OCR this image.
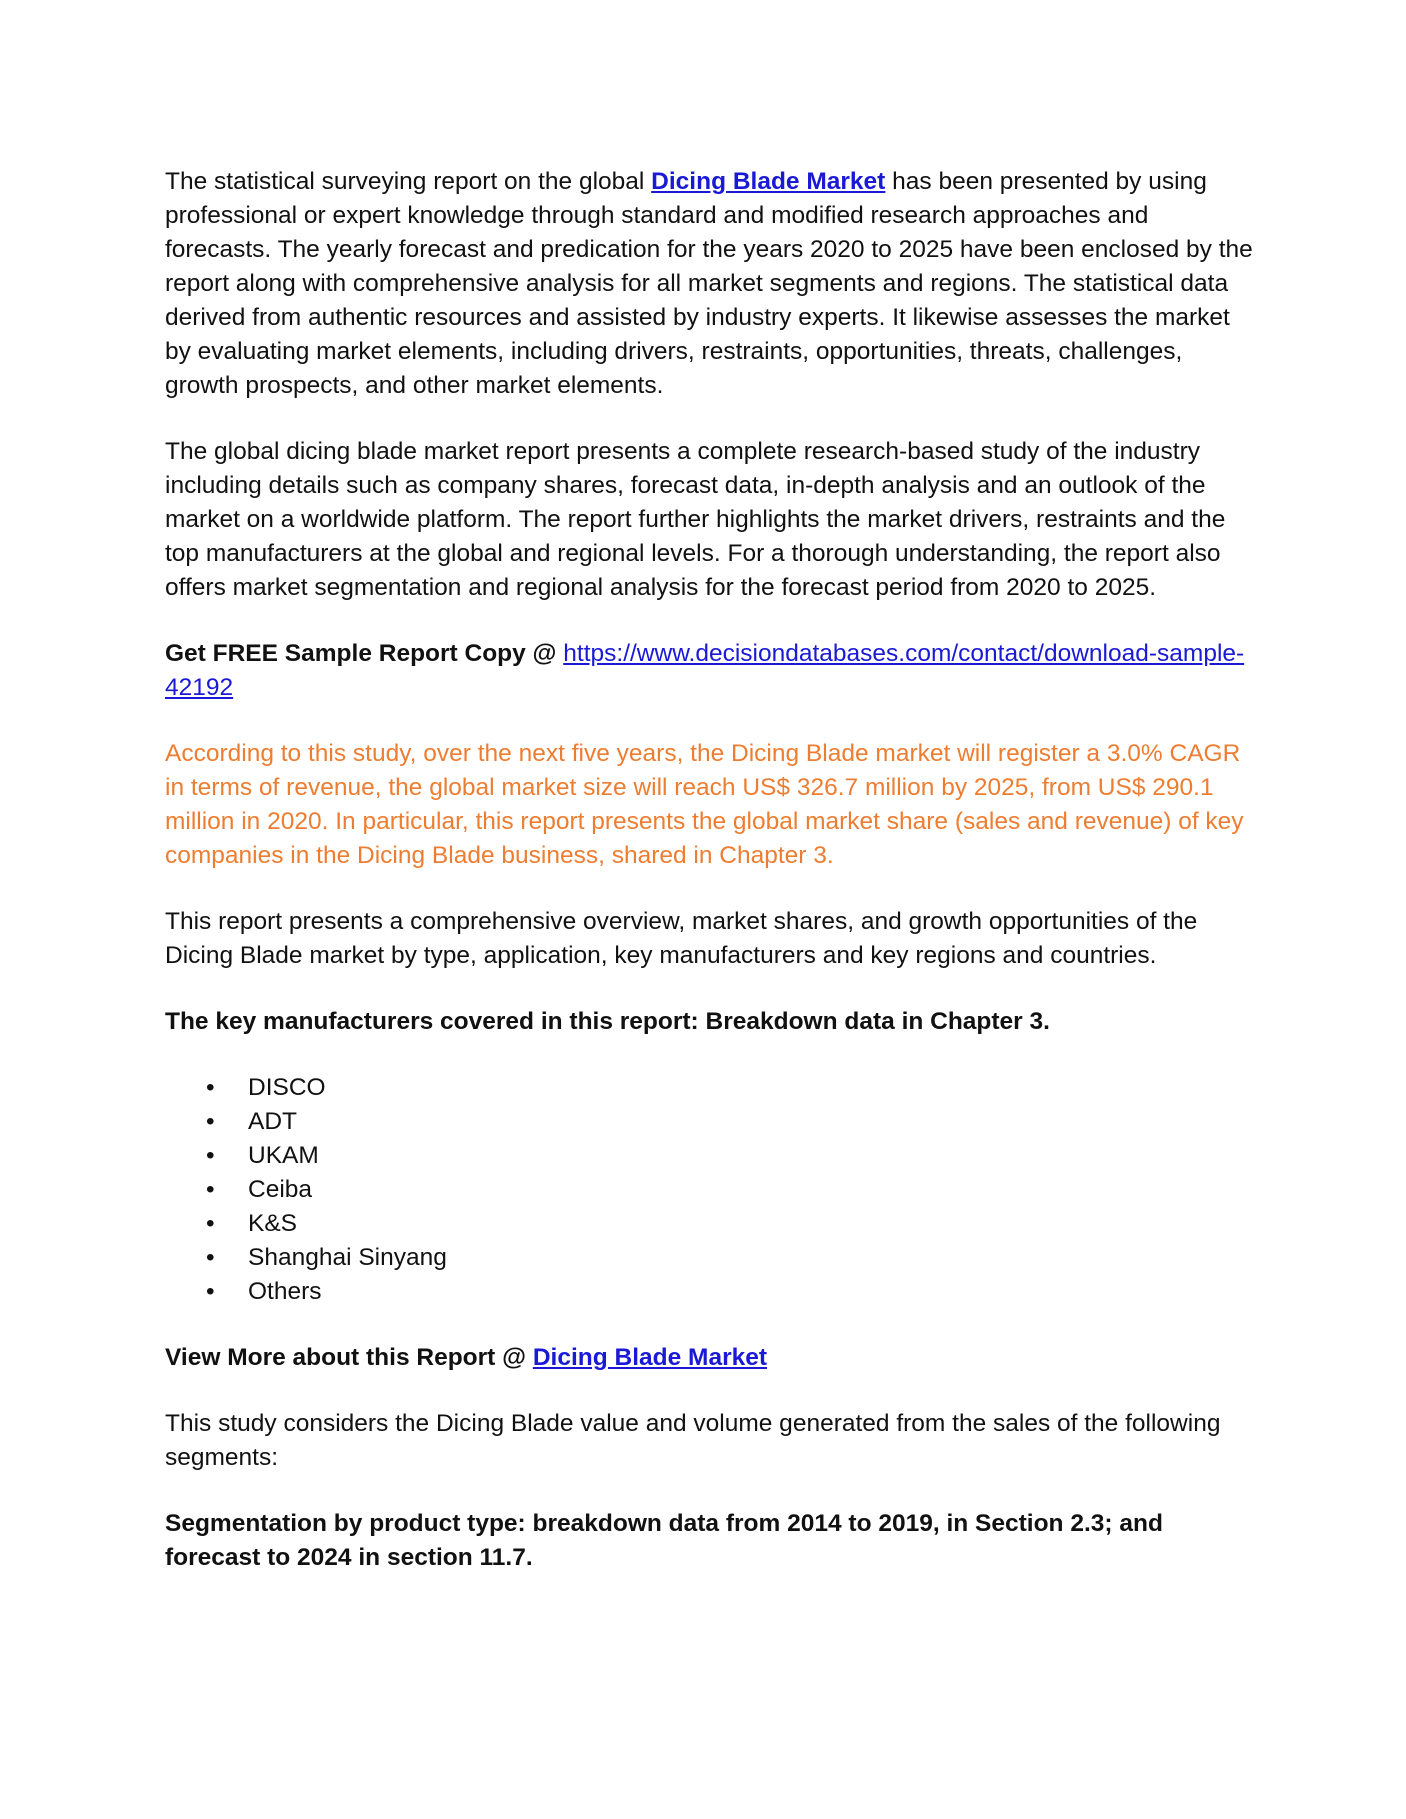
The statistical surveying report on the global Dicing Blade Market has been presented by using professional or expert knowledge through standard and modified research approaches and forecasts. The yearly forecast and predication for the years 2020 to 2025 have been enclosed by the report along with comprehensive analysis for all market segments and regions. The statistical data derived from authentic resources and assisted by industry experts. It likewise assesses the market by evaluating market elements, including drivers, restraints, opportunities, threats, challenges, growth prospects, and other market elements.

The global dicing blade market report presents a complete research-based study of the industry including details such as company shares, forecast data, in-depth analysis and an outlook of the market on a worldwide platform. The report further highlights the market drivers, restraints and the top manufacturers at the global and regional levels. For a thorough understanding, the report also offers market segmentation and regional analysis for the forecast period from 2020 to 2025.

Get FREE Sample Report Copy @ https://www.decisiondatabases.com/contact/download-sample-42192

According to this study, over the next five years, the Dicing Blade market will register a 3.0% CAGR in terms of revenue, the global market size will reach US$ 326.7 million by 2025, from US$ 290.1 million in 2020. In particular, this report presents the global market share (sales and revenue) of key companies in the Dicing Blade business, shared in Chapter 3.

This report presents a comprehensive overview, market shares, and growth opportunities of the Dicing Blade market by type, application, key manufacturers and key regions and countries.

The key manufacturers covered in this report: Breakdown data in Chapter 3.

• DISCO
• ADT
• UKAM
• Ceiba
• K&S
• Shanghai Sinyang
• Others

View More about this Report @ Dicing Blade Market

This study considers the Dicing Blade value and volume generated from the sales of the following segments:

Segmentation by product type: breakdown data from 2014 to 2019, in Section 2.3; and forecast to 2024 in section 11.7.
